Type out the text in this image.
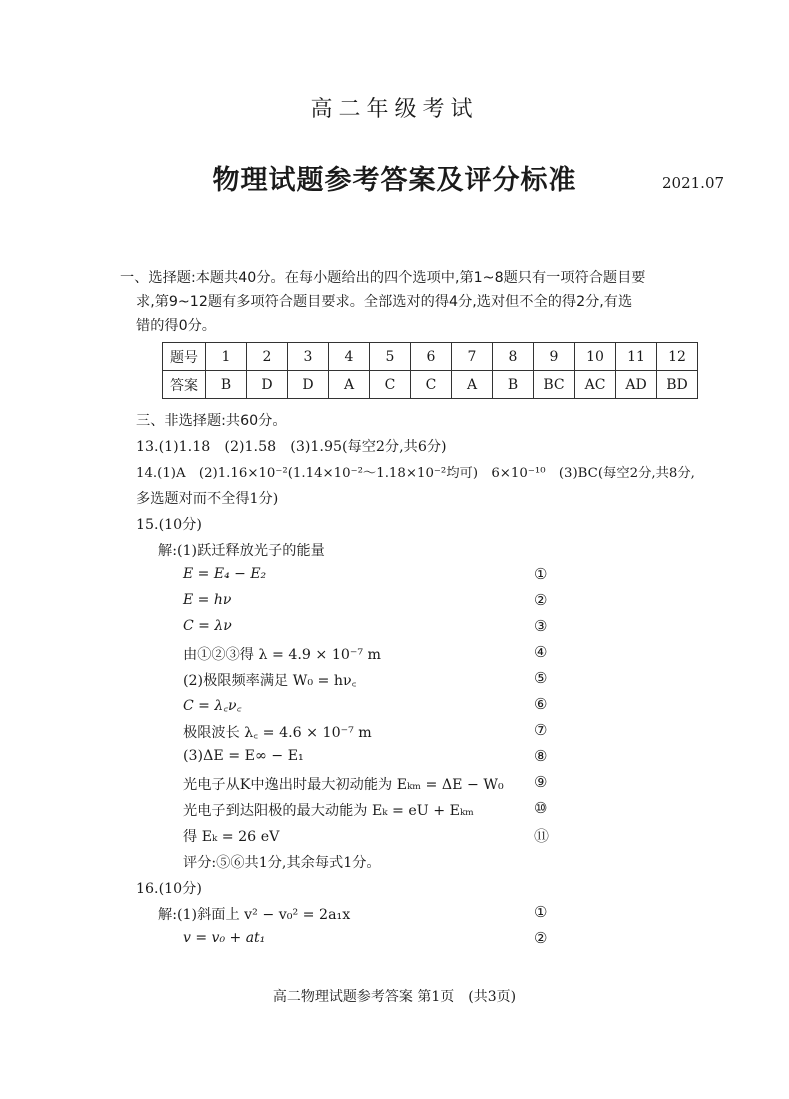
高二年级考试
物理试题参考答案及评分标准	2021.07
一、选择题:本题共40分。在每小题给出的四个选项中,第1~8题只有一项符合题目要
求,第9~12题有多项符合题目要求。全部选对的得4分,选对但不全的得2分,有选
错的得0分。
题号	1	2	3	4	5	6	7	8	9	10	11	12
答案	B	D	D	A	C	C	A	B	BC	AC	AD	BD
三、非选择题:共60分。
13.(1)1.18　(2)1.58　(3)1.95(每空2分,共6分)
14.(1)A　(2)1.16×10⁻²(1.14×10⁻²～1.18×10⁻²均可)　6×10⁻¹⁰　(3)BC(每空2分,共8分,
多选题对而不全得1分)
15.(10分)
解:(1)跃迁释放光子的能量
E = E₄ − E₂	①
E = hν	②
C = λν	③
由①②③得 λ = 4.9 × 10⁻⁷ m	④
(2)极限频率满足 W₀ = hν꜀	⑤
C = λ꜀ν꜀	⑥
极限波长 λ꜀ = 4.6 × 10⁻⁷ m	⑦
(3)ΔE = E∞ − E₁	⑧
光电子从K中逸出时最大初动能为 Eₖₘ = ΔE − W₀ ⑨
光电子到达阳极的最大动能为 Eₖ = eU + Eₖₘ	⑩
得 Eₖ = 26 eV	⑪
评分:⑤⑥共1分,其余每式1分。
16.(10分)
解:(1)斜面上 v² − v₀² = 2a₁x	①
v = v₀ + at₁	②
高二物理试题参考答案 第1页　(共3页)
